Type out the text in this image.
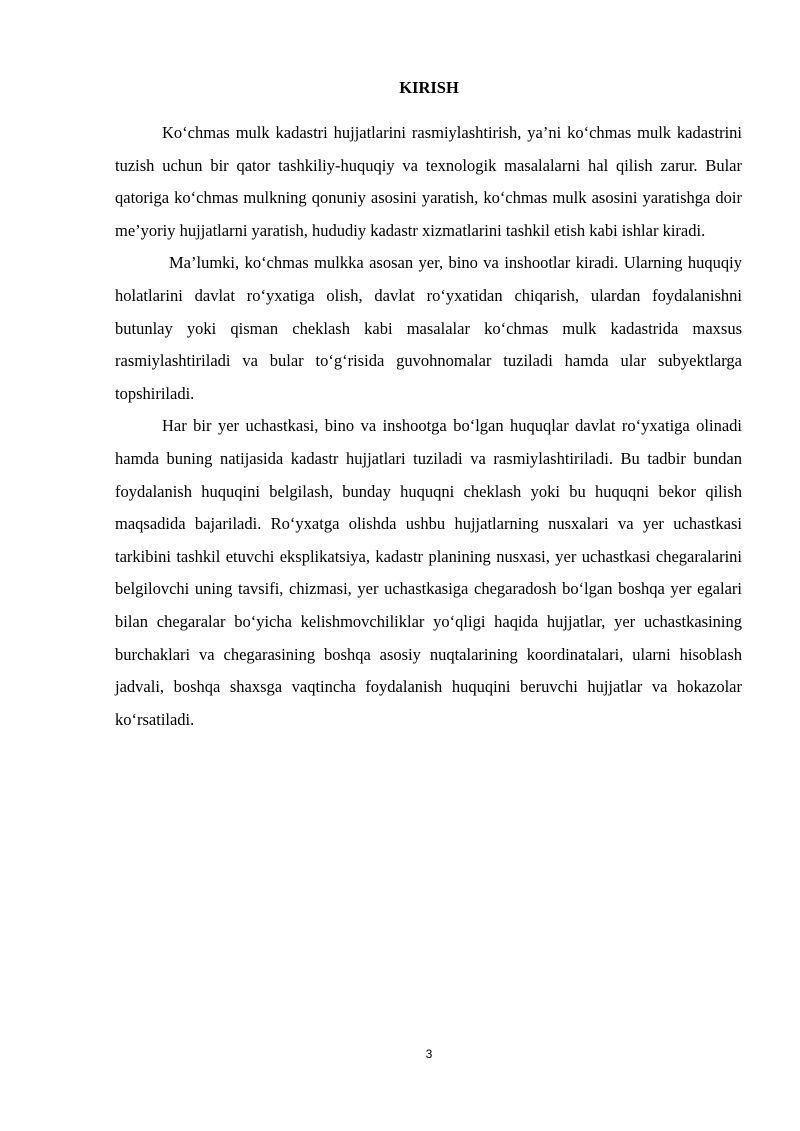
KIRISH

Ko‘chmas mulk kadastri hujjatlarini rasmiylashtirish, ya’ni ko‘chmas mulk kadastrini tuzish uchun bir qator tashkiliy-huquqiy va texnologik masalalarni hal qilish zarur. Bular qatoriga ko‘chmas mulkning qonuniy asosini yaratish, ko‘chmas mulk asosini yaratishga doir me’yoriy hujjatlarni yaratish, hududiy kadastr xizmatlarini tashkil etish kabi ishlar kiradi.

Ma’lumki, ko‘chmas mulkka asosan yer, bino va inshootlar kiradi. Ularning huquqiy holatlarini davlat ro‘yxatiga olish, davlat ro‘yxatidan chiqarish, ulardan foydalanishni butunlay yoki qisman cheklash kabi masalalar ko‘chmas mulk kadastrida maxsus rasmiylashtiriladi va bular to‘g‘risida guvohnomalar tuziladi hamda ular subyektlarga topshiriladi.

Har bir yer uchastkasi, bino va inshootga bo‘lgan huquqlar davlat ro‘yxatiga olinadi hamda buning natijasida kadastr hujjatlari tuziladi va rasmiylashtiriladi. Bu tadbir bundan foydalanish huquqini belgilash, bunday huquqni cheklash yoki bu huquqni bekor qilish maqsadida bajariladi. Ro‘yxatga olishda ushbu hujjatlarning nusxalari va yer uchastkasi tarkibini tashkil etuvchi eksplikatsiya, kadastr planining nusxasi, yer uchastkasi chegaralarini belgilovchi uning tavsifi, chizmasi, yer uchastkasiga chegaradosh bo‘lgan boshqa yer egalari bilan chegaralar bo‘yicha kelishmovchiliklar yo‘qligi haqida hujjatlar, yer uchastkasining burchaklari va chegarasining boshqa asosiy nuqtalarining koordinatalari, ularni hisoblash jadvali, boshqa shaxsga vaqtincha foydalanish huquqini beruvchi hujjatlar va hokazolar ko‘rsatiladi.

3
